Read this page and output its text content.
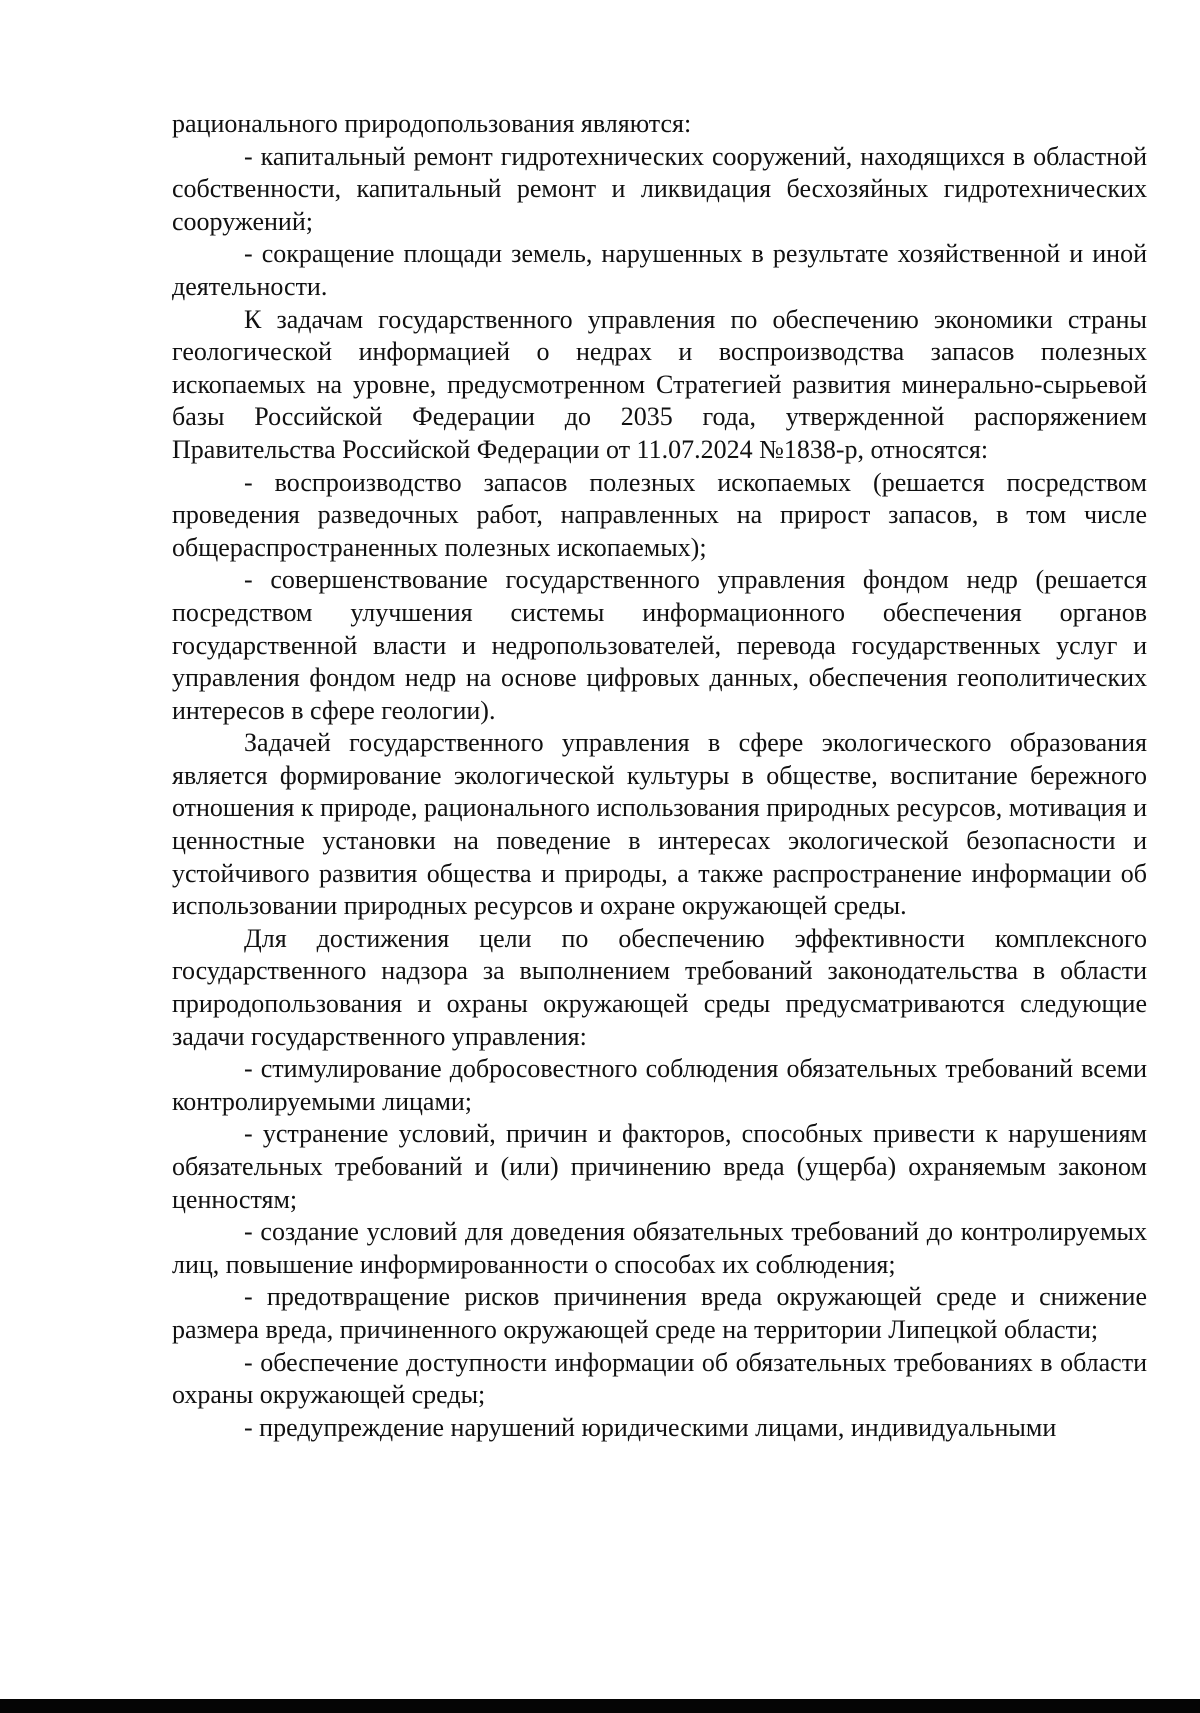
рационального природопользования являются:

- капитальный ремонт гидротехнических сооружений, находящихся в областной собственности, капитальный ремонт и ликвидация бесхозяйных гидротехнических сооружений;

- сокращение площади земель, нарушенных в результате хозяйственной и иной деятельности.

К задачам государственного управления по обеспечению экономики страны геологической информацией о недрах и воспроизводства запасов полезных ископаемых на уровне, предусмотренном Стратегией развития минерально-сырьевой базы Российской Федерации до 2035 года, утвержденной распоряжением Правительства Российской Федерации от 11.07.2024 №1838-р, относятся:

- воспроизводство запасов полезных ископаемых (решается посредством проведения разведочных работ, направленных на прирост запасов, в том числе общераспространенных полезных ископаемых);

- совершенствование государственного управления фондом недр (решается посредством улучшения системы информационного обеспечения органов государственной власти и недропользователей, перевода государственных услуг и управления фондом недр на основе цифровых данных, обеспечения геополитических интересов в сфере геологии).

Задачей государственного управления в сфере экологического образования является формирование экологической культуры в обществе, воспитание бережного отношения к природе, рационального использования природных ресурсов, мотивация и ценностные установки на поведение в интересах экологической безопасности и устойчивого развития общества и природы, а также распространение информации об использовании природных ресурсов и охране окружающей среды.

Для достижения цели по обеспечению эффективности комплексного государственного надзора за выполнением требований законодательства в области природопользования и охраны окружающей среды предусматриваются следующие задачи государственного управления:

- стимулирование добросовестного соблюдения обязательных требований всеми контролируемыми лицами;

- устранение условий, причин и факторов, способных привести к нарушениям обязательных требований и (или) причинению вреда (ущерба) охраняемым законом ценностям;

- создание условий для доведения обязательных требований до контролируемых лиц, повышение информированности о способах их соблюдения;

- предотвращение рисков причинения вреда окружающей среде и снижение размера вреда, причиненного окружающей среде на территории Липецкой области;

- обеспечение доступности информации об обязательных требованиях в области охраны окружающей среды;

- предупреждение нарушений юридическими лицами, индивидуальными
